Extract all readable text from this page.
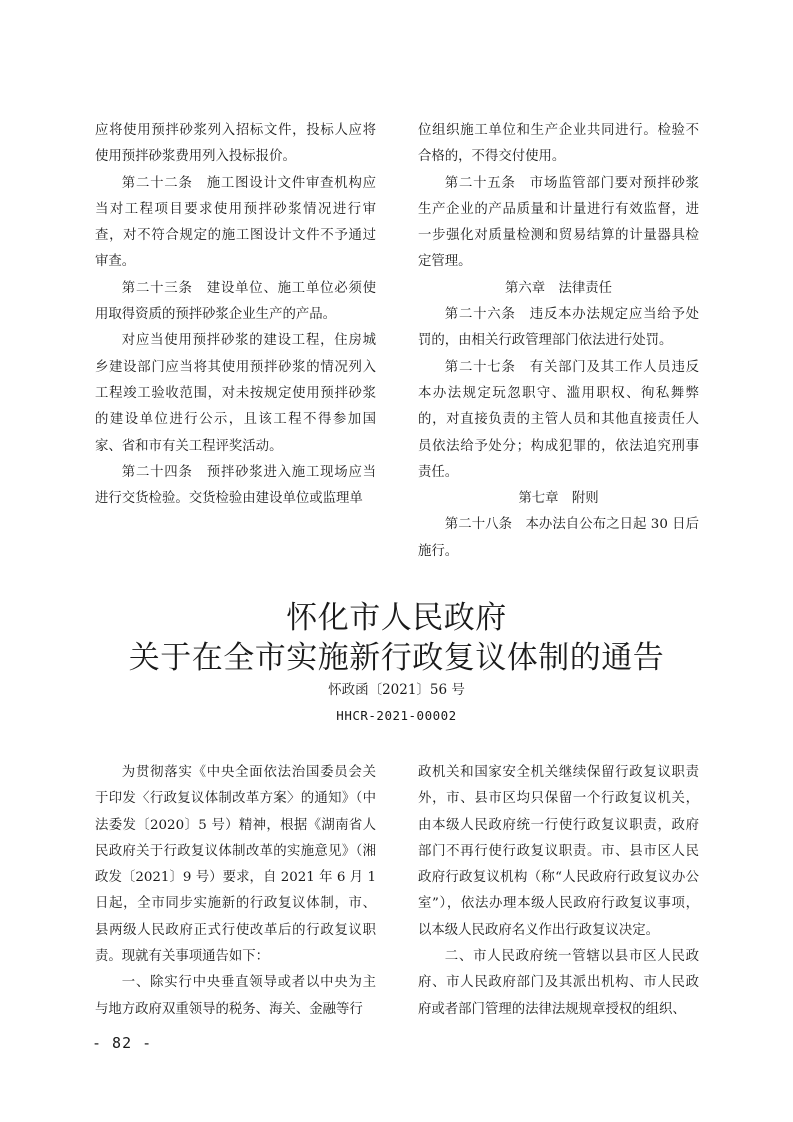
应将使用预拌砂浆列入招标文件，投标人应将使用预拌砂浆费用列入投标报价。

第二十二条　施工图设计文件审查机构应当对工程项目要求使用预拌砂浆情况进行审查，对不符合规定的施工图设计文件不予通过审查。

第二十三条　建设单位、施工单位必须使用取得资质的预拌砂浆企业生产的产品。

对应当使用预拌砂浆的建设工程，住房城乡建设部门应当将其使用预拌砂浆的情况列入工程竣工验收范围，对未按规定使用预拌砂浆的建设单位进行公示，且该工程不得参加国家、省和市有关工程评奖活动。

第二十四条　预拌砂浆进入施工现场应当进行交货检验。交货检验由建设单位或监理单

位组织施工单位和生产企业共同进行。检验不合格的，不得交付使用。

第二十五条　市场监管部门要对预拌砂浆生产企业的产品质量和计量进行有效监督，进一步强化对质量检测和贸易结算的计量器具检定管理。

第六章　法律责任

第二十六条　违反本办法规定应当给予处罚的，由相关行政管理部门依法进行处罚。

第二十七条　有关部门及其工作人员违反本办法规定玩忽职守、滥用职权、徇私舞弊的，对直接负责的主管人员和其他直接责任人员依法给予处分；构成犯罪的，依法追究刑事责任。

第七章　附则

第二十八条　本办法自公布之日起 30 日后施行。

怀化市人民政府
关于在全市实施新行政复议体制的通告
怀政函〔2021〕56 号
HHCR-2021-00002

为贯彻落实《中央全面依法治国委员会关于印发〈行政复议体制改革方案〉的通知》（中法委发〔2020〕5 号）精神，根据《湖南省人民政府关于行政复议体制改革的实施意见》（湘政发〔2021〕9 号）要求，自 2021 年 6 月 1 日起，全市同步实施新的行政复议体制，市、县两级人民政府正式行使改革后的行政复议职责。现就有关事项通告如下：

一、除实行中央垂直领导或者以中央为主与地方政府双重领导的税务、海关、金融等行

政机关和国家安全机关继续保留行政复议职责外，市、县市区均只保留一个行政复议机关，由本级人民政府统一行使行政复议职责，政府部门不再行使行政复议职责。市、县市区人民政府行政复议机构（称“人民政府行政复议办公室”），依法办理本级人民政府行政复议事项，以本级人民政府名义作出行政复议决定。

二、市人民政府统一管辖以县市区人民政府、市人民政府部门及其派出机构、市人民政府或者部门管理的法律法规规章授权的组织、

- 82 -
